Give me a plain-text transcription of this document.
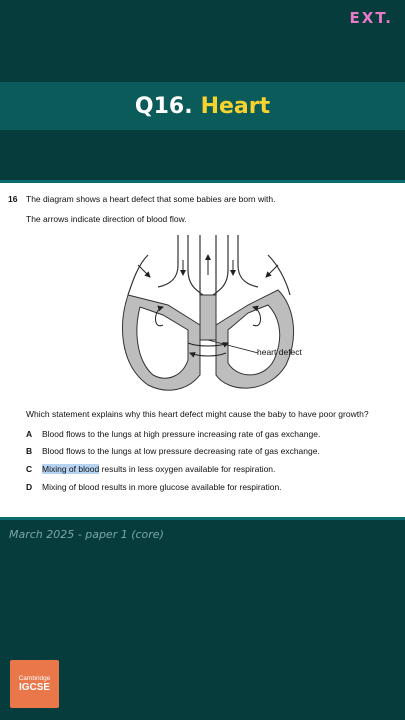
EXT.
Q16. Heart
16 The diagram shows a heart defect that some babies are born with.
The arrows indicate direction of blood flow.
heart defect
Which statement explains why this heart defect might cause the baby to have poor growth?
A Blood flows to the lungs at high pressure increasing rate of gas exchange.
B Blood flows to the lungs at low pressure decreasing rate of gas exchange.
C Mixing of blood results in less oxygen available for respiration.
D Mixing of blood results in more glucose available for respiration.
March 2025 - paper 1 (core)
Cambridge
IGCSE
